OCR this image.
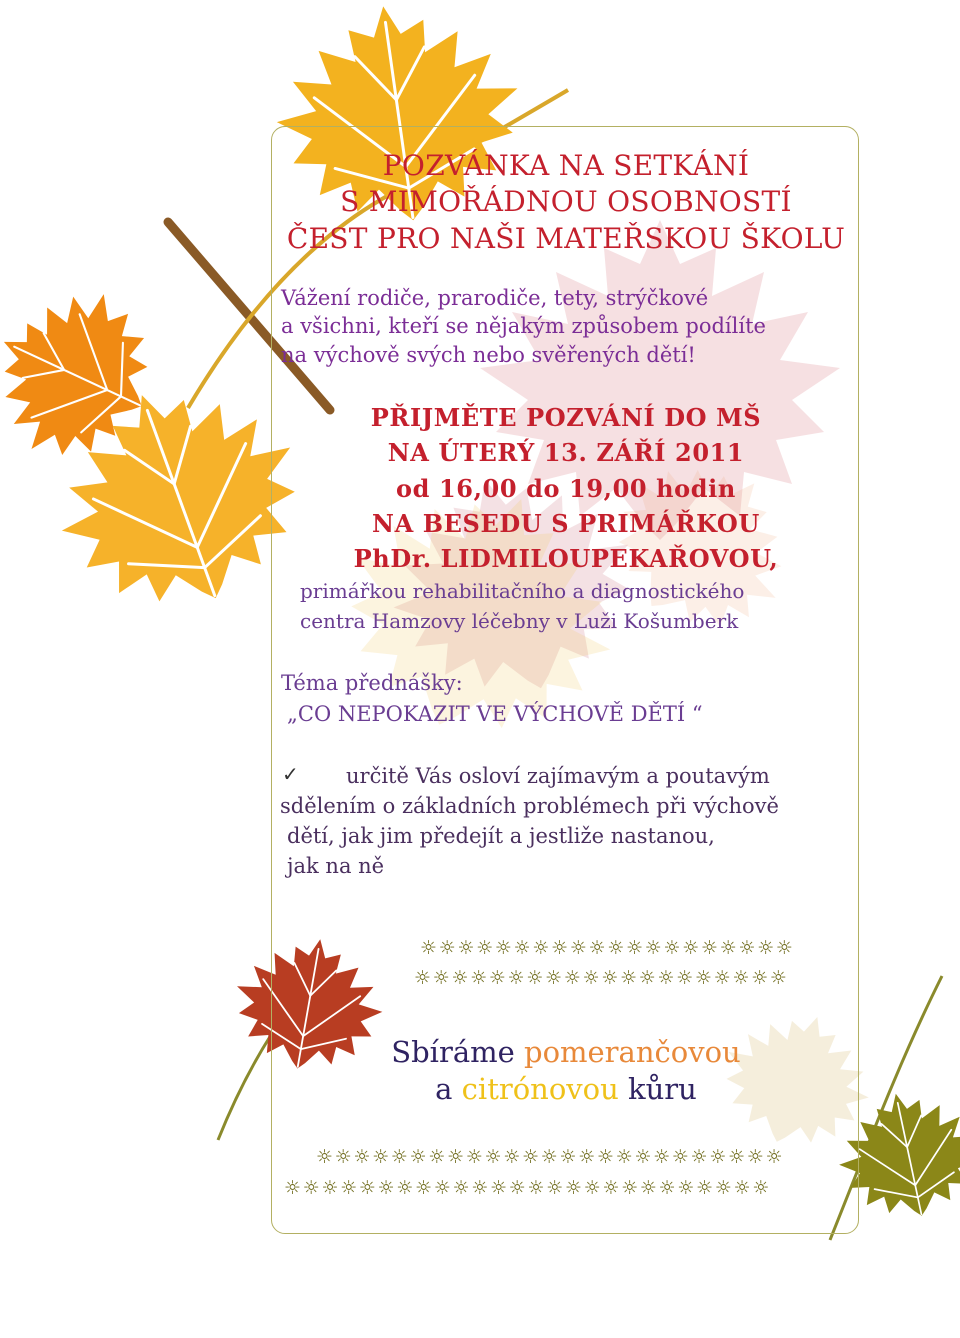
POZVÁNKA NA SETKÁNÍ

S MIMOŘÁDNOU OSOBNOSTÍ

ČEST PRO NAŠI MATEŘSKOU ŠKOLU

Vážení rodiče, prarodiče, tety, strýčkové

a všichni, kteří se nějakým způsobem podílíte

na výchově svých nebo svěřených dětí!

PŘIJMĚTE POZVÁNÍ DO MŠ

NA ÚTERÝ 13. ZÁŘÍ 2011

od 16,00 do 19,00 hodin

NA BESEDU S PRIMÁŘKOU

PhDr. LIDMILOUPEKAŘOVOU,

primářkou rehabilitačního a diagnostického

centra Hamzovy léčebny v Luži Košumberk

Téma přednášky:

„CO NEPOKAZIT VE VÝCHOVĚ DĚTÍ “

✓ určitě Vás osloví zajímavým a poutavým

sdělením o základních problémech při výchově

dětí, jak jim předejít a jestliže nastanou,

jak na ně

☼☼☼☼☼☼☼☼☼☼☼☼☼☼☼☼☼☼☼☼

☼☼☼☼☼☼☼☼☼☼☼☼☼☼☼☼☼☼☼☼

Sbíráme pomerančovou

a citrónovou kůru

☼☼☼☼☼☼☼☼☼☼☼☼☼☼☼☼☼☼☼☼☼☼☼☼☼

☼☼☼☼☼☼☼☼☼☼☼☼☼☼☼☼☼☼☼☼☼☼☼☼☼☼
